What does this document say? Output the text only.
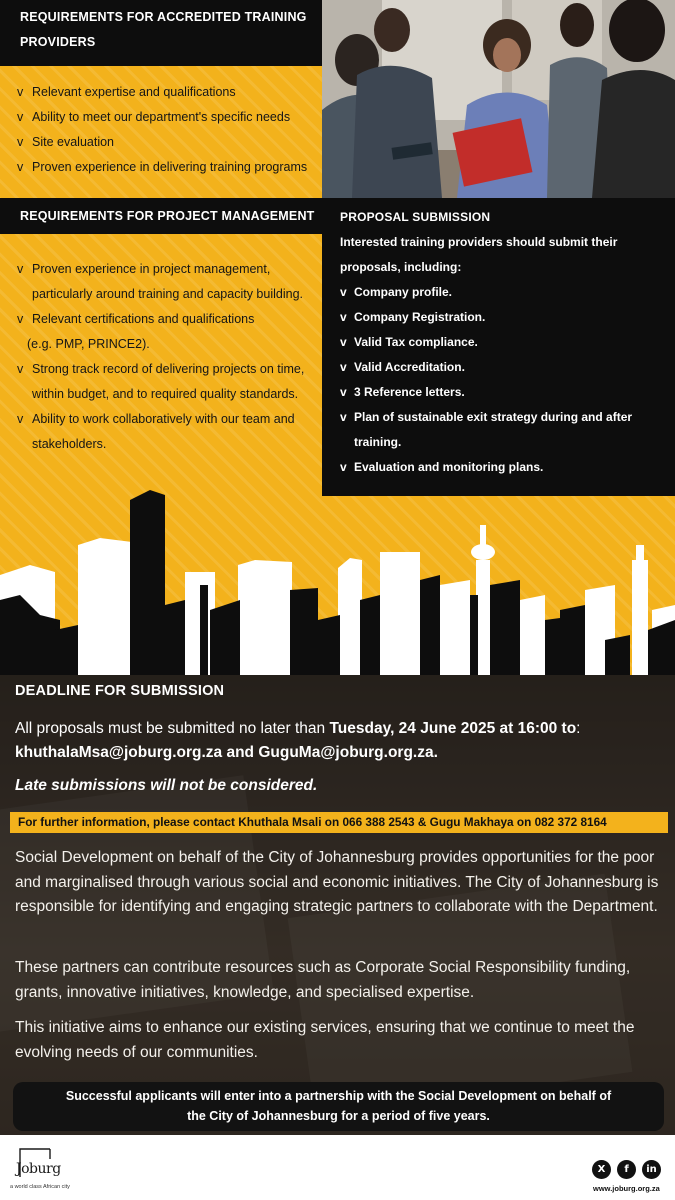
REQUIREMENTS FOR ACCREDITED TRAINING
PROVIDERS
v Relevant expertise and qualifications
v Ability to meet our department's specific needs
v Site evaluation
v Proven experience in delivering training programs
REQUIREMENTS FOR PROJECT MANAGEMENT
v Proven experience in project management,
particularly around training and capacity building.
v Relevant certifications and qualifications
(e.g. PMP, PRINCE2).
v Strong track record of delivering projects on time,
within budget, and to required quality standards.
v Ability to work collaboratively with our team and
stakeholders.
PROPOSAL SUBMISSION
Interested training providers should submit their
proposals, including:
v Company profile.
v Company Registration.
v Valid Tax compliance.
v Valid Accreditation.
v 3 Reference letters.
v Plan of sustainable exit strategy during and after
training.
v Evaluation and monitoring plans.
DEADLINE FOR SUBMISSION
All proposals must be submitted no later than Tuesday, 24 June 2025 at 16:00 to:
khuthalaMsa@joburg.org.za and GuguMa@joburg.org.za.
Late submissions will not be considered.
For further information, please contact Khuthala Msali on 066 388 2543 & Gugu Makhaya on 082 372 8164

Social Development on behalf of the City of Johannesburg provides opportunities for the poor and marginalised through various social and economic initiatives. The City of Johannesburg is responsible for identifying and engaging strategic partners to collaborate with the Department.

These partners can contribute resources such as Corporate Social Responsibility funding, grants, innovative initiatives, knowledge, and specialised expertise.

This initiative aims to enhance our existing services, ensuring that we continue to meet the evolving needs of our communities.

Successful applicants will enter into a partnership with the Social Development on behalf of
the City of Johannesburg for a period of five years.
Joburg
a world class African city
X	f	in
www.joburg.org.za
